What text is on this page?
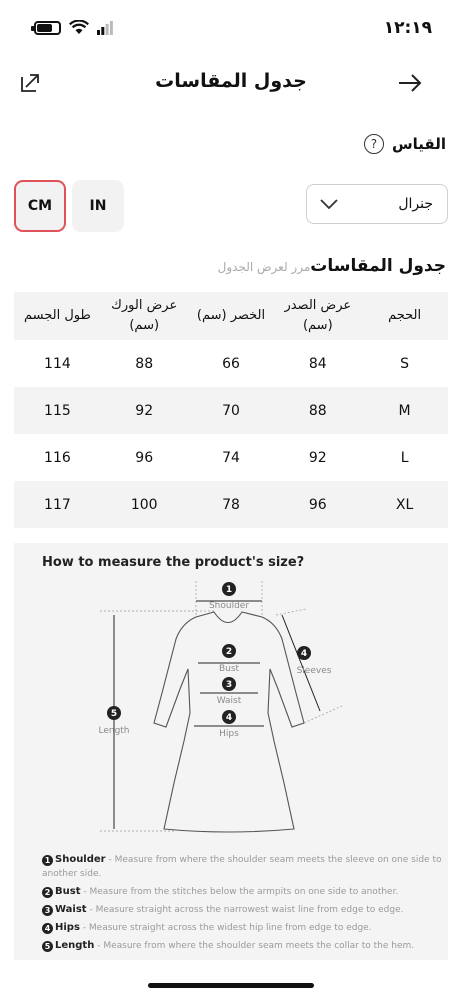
١٢:١٩
جدول المقاسات
القياس
?
CM	IN	جنرال
جدول المقاسات
مرر لعرض الجدول
الحجم	عرض الصدر (سم)	الخصر (سم)	عرض الورك (سم)	طول الجسم
S	84	66	88	114
M	88	70	92	115
L	92	74	96	116
XL	96	78	100	117
How to measure the product's size?
1
Shoulder
2
Bust
3
Waist
4
Hips
4
Sleeves
5
Length
1 Shoulder - Measure from where the shoulder seam meets the sleeve on one side to another side.
2 Bust - Measure from the stitches below the armpits on one side to another.
3 Waist - Measure straight across the narrowest waist line from edge to edge.
4 Hips - Measure straight across the widest hip line from edge to edge.
5 Length - Measure from where the shoulder seam meets the collar to the hem.
